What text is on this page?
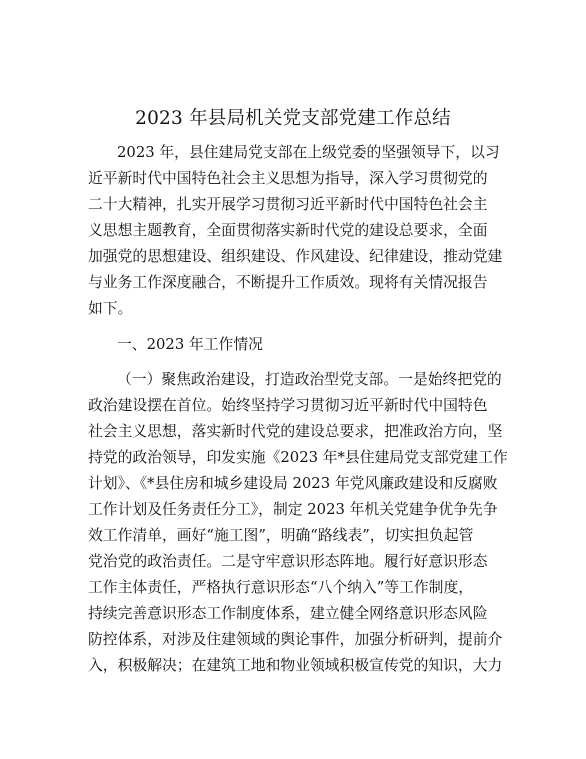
2023 年县局机关党支部党建工作总结
2023 年，县住建局党支部在上级党委的坚强领导下，以习
近平新时代中国特色社会主义思想为指导，深入学习贯彻党的
二十大精神，扎实开展学习贯彻习近平新时代中国特色社会主
义思想主题教育，全面贯彻落实新时代党的建设总要求，全面
加强党的思想建设、组织建设、作风建设、纪律建设，推动党建
与业务工作深度融合，不断提升工作质效。现将有关情况报告
如下。
一、2023 年工作情况
（一）聚焦政治建设，打造政治型党支部。一是始终把党的
政治建设摆在首位。始终坚持学习贯彻习近平新时代中国特色
社会主义思想，落实新时代党的建设总要求，把准政治方向，坚
持党的政治领导，印发实施《2023 年*县住建局党支部党建工作
计划》、《*县住房和城乡建设局 2023 年党风廉政建设和反腐败
工作计划及任务责任分工》，制定 2023 年机关党建争优争先争
效工作清单，画好“施工图”，明确“路线表”，切实担负起管
党治党的政治责任。二是守牢意识形态阵地。履行好意识形态
工作主体责任，严格执行意识形态“八个纳入”等工作制度，
持续完善意识形态工作制度体系，建立健全网络意识形态风险
防控体系，对涉及住建领域的舆论事件，加强分析研判，提前介
入，积极解决；在建筑工地和物业领域积极宣传党的知识，大力
